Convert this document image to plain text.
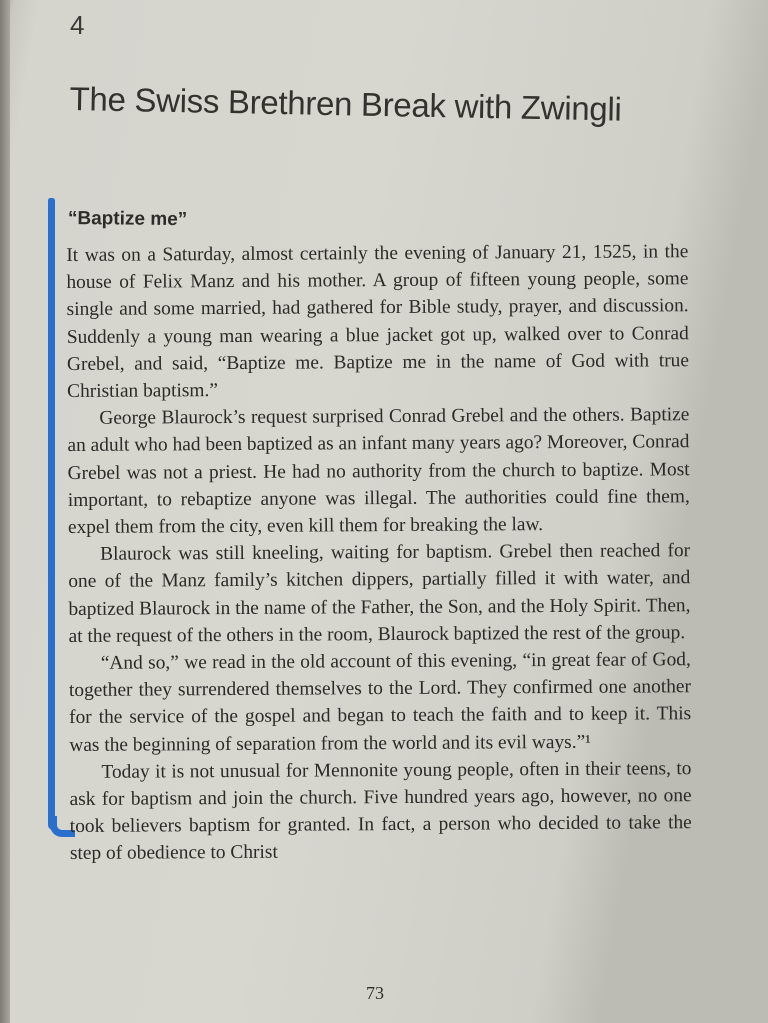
4
The Swiss Brethren Break with Zwingli
“Baptize me”

It was on a Saturday, almost certainly the evening of January 21, 1525, in the house of Felix Manz and his mother. A group of fifteen young people, some single and some married, had gathered for Bible study, prayer, and discussion. Suddenly a young man wearing a blue jacket got up, walked over to Conrad Grebel, and said, “Baptize me. Baptize me in the name of God with true Christian baptism.”

George Blaurock’s request surprised Conrad Grebel and the others. Baptize an adult who had been baptized as an infant many years ago? Moreover, Conrad Grebel was not a priest. He had no authority from the church to baptize. Most important, to rebaptize anyone was illegal. The authorities could fine them, expel them from the city, even kill them for breaking the law.

Blaurock was still kneeling, waiting for baptism. Grebel then reached for one of the Manz family’s kitchen dippers, partially filled it with water, and baptized Blaurock in the name of the Father, the Son, and the Holy Spirit. Then, at the request of the others in the room, Blaurock baptized the rest of the group.

“And so,” we read in the old account of this evening, “in great fear of God, together they surrendered themselves to the Lord. They confirmed one another for the service of the gospel and began to teach the faith and to keep it. This was the beginning of separation from the world and its evil ways.”¹

Today it is not unusual for Mennonite young people, often in their teens, to ask for baptism and join the church. Five hundred years ago, however, no one took believers baptism for granted. In fact, a person who decided to take the step of obedience to Christ

73
